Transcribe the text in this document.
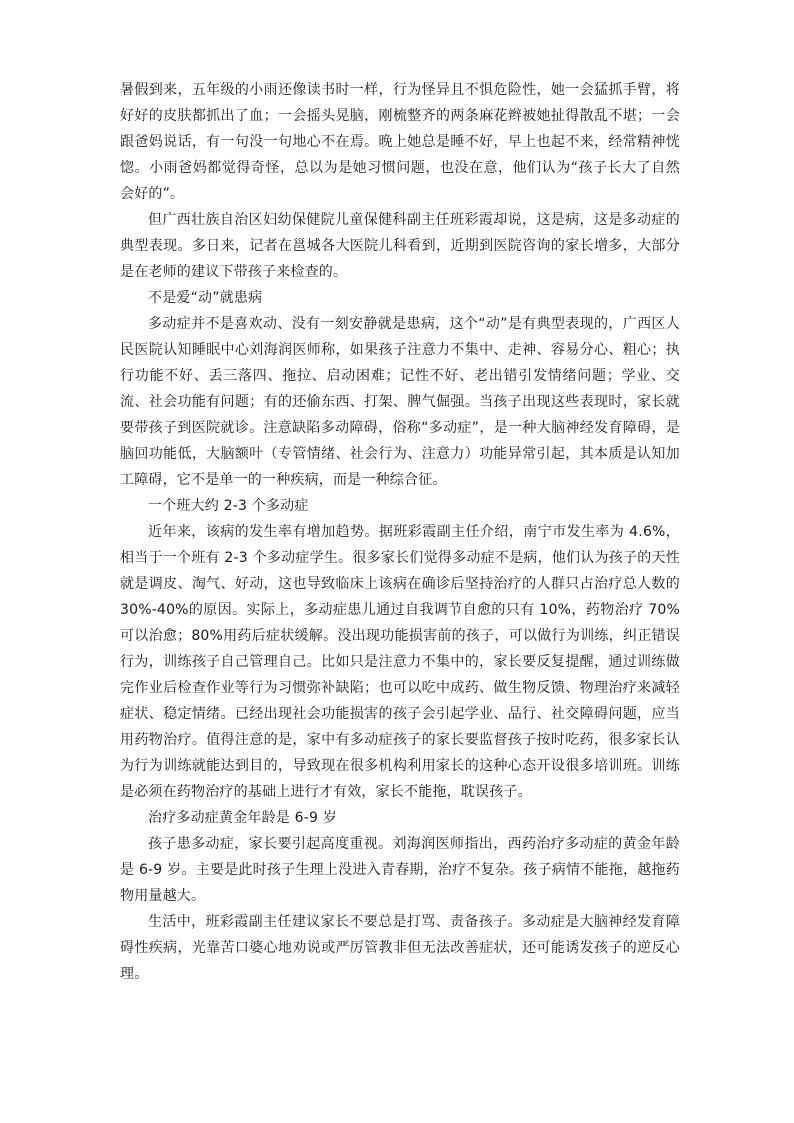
暑假到来，五年级的小雨还像读书时一样，行为怪异且不惧危险性，她一会猛抓手臂，将好好的皮肤都抓出了血；一会摇头晃脑，刚梳整齐的两条麻花辫被她扯得散乱不堪；一会跟爸妈说话，有一句没一句地心不在焉。晚上她总是睡不好，早上也起不来，经常精神恍惚。小雨爸妈都觉得奇怪，总以为是她习惯问题，也没在意，他们认为“孩子长大了自然会好的”。

但广西壮族自治区妇幼保健院儿童保健科副主任班彩霞却说，这是病，这是多动症的典型表现。多日来，记者在邕城各大医院儿科看到，近期到医院咨询的家长增多，大部分是在老师的建议下带孩子来检查的。

不是爱“动”就患病

多动症并不是喜欢动、没有一刻安静就是患病，这个“动”是有典型表现的，广西区人民医院认知睡眠中心刘海润医师称，如果孩子注意力不集中、走神、容易分心、粗心；执行功能不好、丢三落四、拖拉、启动困难；记性不好、老出错引发情绪问题；学业、交流、社会功能有问题；有的还偷东西、打架、脾气倔强。当孩子出现这些表现时，家长就要带孩子到医院就诊。注意缺陷多动障碍，俗称“多动症”，是一种大脑神经发育障碍，是脑回功能低，大脑额叶（专管情绪、社会行为、注意力）功能异常引起，其本质是认知加工障碍，它不是单一的一种疾病，而是一种综合征。

一个班大约 2-3 个多动症

近年来，该病的发生率有增加趋势。据班彩霞副主任介绍，南宁市发生率为 4.6%，相当于一个班有 2-3 个多动症学生。很多家长们觉得多动症不是病，他们认为孩子的天性就是调皮、淘气、好动，这也导致临床上该病在确诊后坚持治疗的人群只占治疗总人数的 30%-40%的原因。实际上，多动症患儿通过自我调节自愈的只有 10%，药物治疗 70%可以治愈；80%用药后症状缓解。没出现功能损害前的孩子，可以做行为训练，纠正错误行为，训练孩子自己管理自己。比如只是注意力不集中的，家长要反复提醒，通过训练做完作业后检查作业等行为习惯弥补缺陷；也可以吃中成药、做生物反馈、物理治疗来减轻症状、稳定情绪。已经出现社会功能损害的孩子会引起学业、品行、社交障碍问题，应当用药物治疗。值得注意的是，家中有多动症孩子的家长要监督孩子按时吃药，很多家长认为行为训练就能达到目的，导致现在很多机构利用家长的这种心态开设很多培训班。训练是必须在药物治疗的基础上进行才有效，家长不能拖，耽误孩子。

治疗多动症黄金年龄是 6-9 岁

孩子患多动症，家长要引起高度重视。刘海润医师指出，西药治疗多动症的黄金年龄是 6-9 岁。主要是此时孩子生理上没进入青春期，治疗不复杂。孩子病情不能拖，越拖药物用量越大。

生活中，班彩霞副主任建议家长不要总是打骂、责备孩子。多动症是大脑神经发育障碍性疾病，光靠苦口婆心地劝说或严厉管教非但无法改善症状，还可能诱发孩子的逆反心理。
